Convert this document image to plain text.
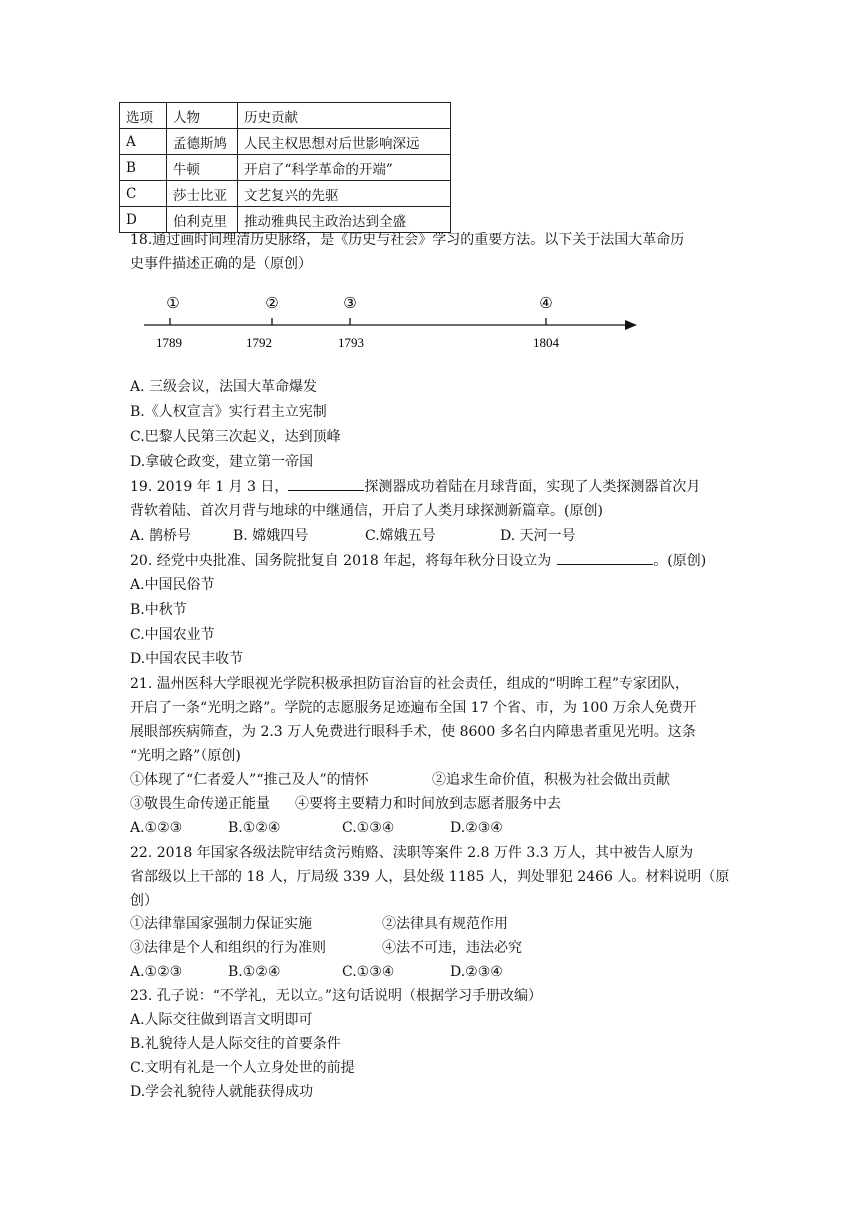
选项	人物	历史贡献
A	孟德斯鸠	人民主权思想对后世影响深远
B	牛顿	开启了“科学革命的开端”
C	莎士比亚	文艺复兴的先驱
D	伯利克里	推动雅典民主政治达到全盛
18.通过画时间理清历史脉络，是《历史与社会》学习的重要方法。以下关于法国大革命历
史事件描述正确的是（原创）
①	②	③	④
1789	1792	1793	1804
A. 三级会议，法国大革命爆发
B.《人权宣言》实行君主立宪制
C.巴黎人民第三次起义，达到顶峰
D.拿破仑政变，建立第一帝国
19. 2019 年 1 月 3 日，	探测器成功着陆在月球背面，实现了人类探测器首次月
背软着陆、首次月背与地球的中继通信，开启了人类月球探测新篇章。(原创)
A. 鹊桥号	B. 嫦娥四号	C.嫦娥五号	D. 天河一号
20. 经党中央批准、国务院批复自 2018 年起，将每年秋分日设立为	。(原创)
A.中国民俗节
B.中秋节
C.中国农业节
D.中国农民丰收节
21. 温州医科大学眼视光学院积极承担防盲治盲的社会责任，组成的“明眸工程”专家团队，
开启了一条“光明之路”。学院的志愿服务足迹遍布全国 17 个省、市，为 100 万余人免费开
展眼部疾病筛查，为 2.3 万人免费进行眼科手术，使 8600 多名白内障患者重见光明。这条
“光明之路”（原创)
①体现了“仁者爱人”“推己及人”的情怀	②追求生命价值，积极为社会做出贡献
③敬畏生命传递正能量 ④要将主要精力和时间放到志愿者服务中去
A.①②③	B.①②④	C.①③④	D.②③④
22. 2018 年国家各级法院审结贪污贿赂、渎职等案件 2.8 万件 3.3 万人，其中被告人原为
省部级以上干部的 18 人，厅局级 339 人，县处级 1185 人，判处罪犯 2466 人。材料说明（原
创）
①法律靠国家强制力保证实施	②法律具有规范作用
③法律是个人和组织的行为准则	④法不可违，违法必究
A.①②③	B.①②④	C.①③④	D.②③④
23. 孔子说：“不学礼，无以立。”这句话说明（根据学习手册改编）
A.人际交往做到语言文明即可
B.礼貌待人是人际交往的首要条件
C.文明有礼是一个人立身处世的前提
D.学会礼貌待人就能获得成功
